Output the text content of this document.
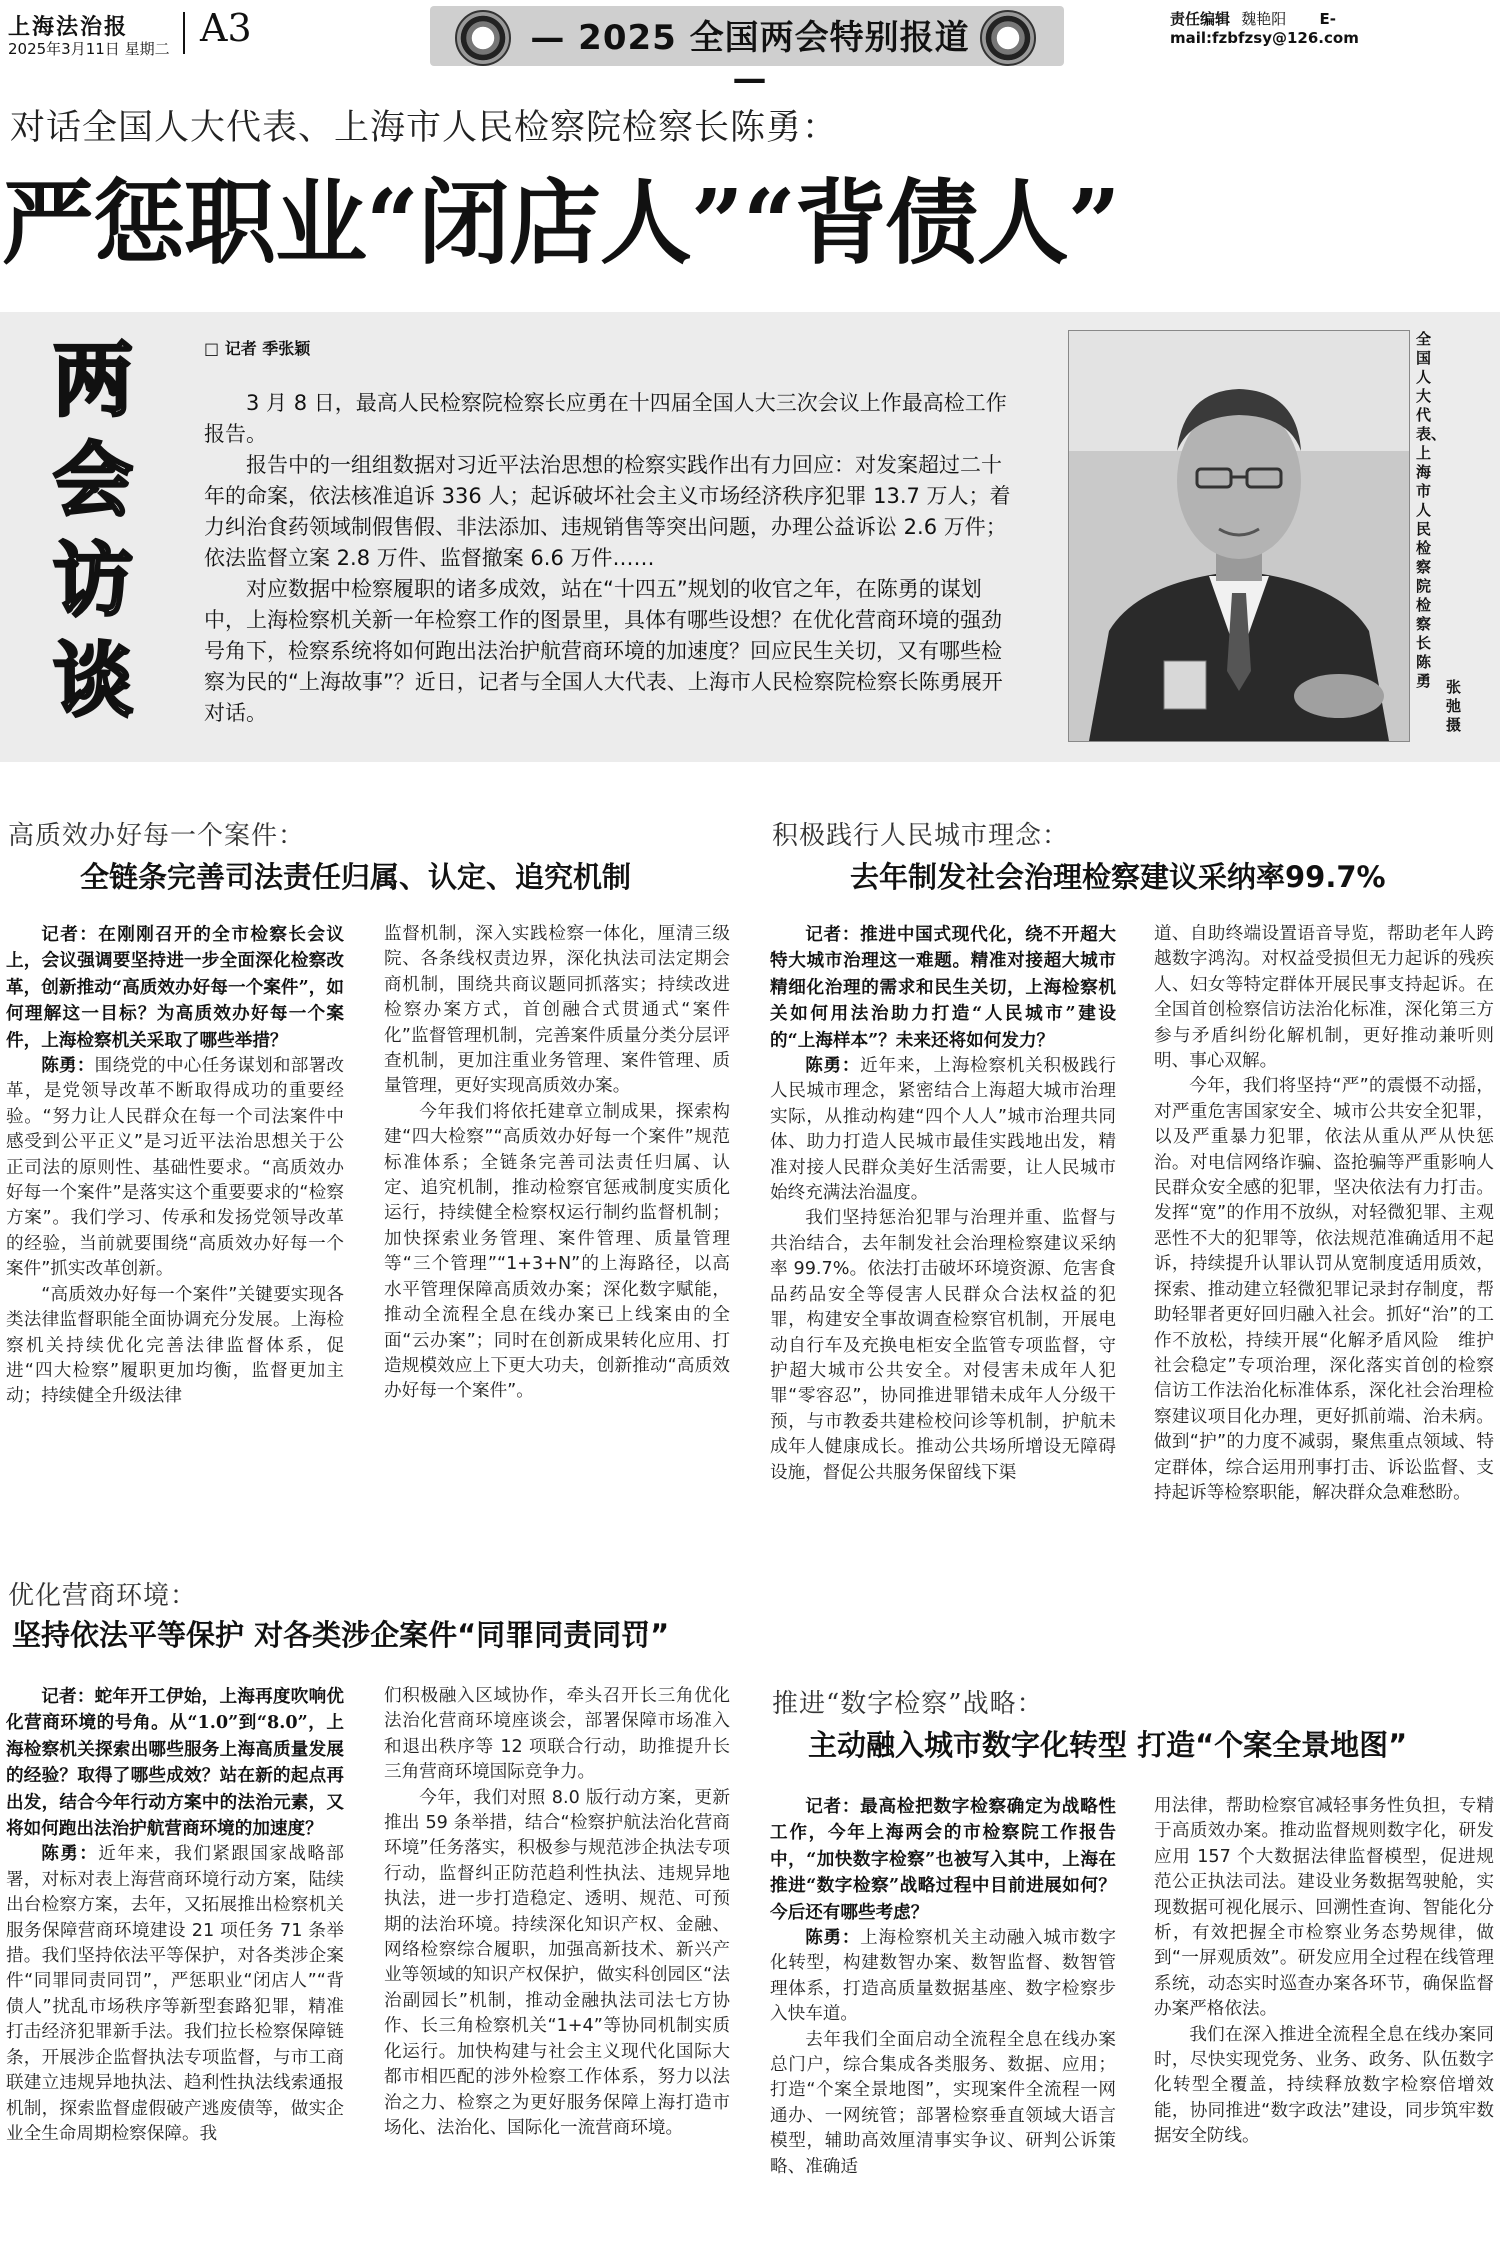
上海法治报
2025年3月11日 星期二 A3	— 2025 全国两会特别报道 —
责任编辑 魏艳阳 E-mail:fzbfzsy@126.com
对话全国人大代表、上海市人民检察院检察长陈勇：
严惩职业“闭店人”“背债人”
两
会
访
谈
□ 记者 季张颖

3 月 8 日，最高人民检察院检察长应勇在十四届全国人大三次会议上作最高检工作报告。

报告中的一组组数据对习近平法治思想的检察实践作出有力回应：对发案超过二十年的命案，依法核准追诉 336 人；起诉破坏社会主义市场经济秩序犯罪 13.7 万人；着力纠治食药领域制假售假、非法添加、违规销售等突出问题，办理公益诉讼 2.6 万件；依法监督立案 2.8 万件、监督撤案 6.6 万件……

对应数据中检察履职的诸多成效，站在“十四五”规划的收官之年，在陈勇的谋划中，上海检察机关新一年检察工作的图景里，具体有哪些设想？在优化营商环境的强劲号角下，检察系统将如何跑出法治护航营商环境的加速度？回应民生关切，又有哪些检察为民的“上海故事”？近日，记者与全国人大代表、上海市人民检察院检察长陈勇展开对话。

全国人大代表、上海市人民检察院检察长陈勇 张弛 摄
高质效办好每一个案件：
全链条完善司法责任归属、认定、追究机制

记者：在刚刚召开的全市检察长会议上，会议强调要坚持进一步全面深化检察改革，创新推动“高质效办好每一个案件”，如何理解这一目标？为高质效办好每一个案件，上海检察机关采取了哪些举措？

陈勇：围绕党的中心任务谋划和部署改革，是党领导改革不断取得成功的重要经验。“努力让人民群众在每一个司法案件中感受到公平正义”是习近平法治思想关于公正司法的原则性、基础性要求。“高质效办好每一个案件”是落实这个重要要求的“检察方案”。我们学习、传承和发扬党领导改革的经验，当前就要围绕“高质效办好每一个案件”抓实改革创新。

“高质效办好每一个案件”关键要实现各类法律监督职能全面协调充分发展。上海检察机关持续优化完善法律监督体系，促进“四大检察”履职更加均衡，监督更加主动；持续健全升级法律

监督机制，深入实践检察一体化，厘清三级院、各条线权责边界，深化执法司法定期会商机制，围绕共商议题同抓落实；持续改进检察办案方式，首创融合式贯通式“案件化”监督管理机制，完善案件质量分类分层评查机制，更加注重业务管理、案件管理、质量管理，更好实现高质效办案。

今年我们将依托建章立制成果，探索构建“四大检察”“高质效办好每一个案件”规范标准体系；全链条完善司法责任归属、认定、追究机制，推动检察官惩戒制度实质化运行，持续健全检察权运行制约监督机制；加快探索业务管理、案件管理、质量管理等“三个管理”“1+3+N”的上海路径，以高水平管理保障高质效办案；深化数字赋能，推动全流程全息在线办案已上线案由的全面“云办案”；同时在创新成果转化应用、打造规模效应上下更大功夫，创新推动“高质效办好每一个案件”。

积极践行人民城市理念：
去年制发社会治理检察建议采纳率99.7%

记者：推进中国式现代化，绕不开超大特大城市治理这一难题。精准对接超大城市精细化治理的需求和民生关切，上海检察机关如何用法治助力打造“人民城市”建设的“上海样本”？未来还将如何发力？

陈勇：近年来，上海检察机关积极践行人民城市理念，紧密结合上海超大城市治理实际，从推动构建“四个人人”城市治理共同体、助力打造人民城市最佳实践地出发，精准对接人民群众美好生活需要，让人民城市始终充满法治温度。

我们坚持惩治犯罪与治理并重、监督与共治结合，去年制发社会治理检察建议采纳率 99.7%。依法打击破坏环境资源、危害食品药品安全等侵害人民群众合法权益的犯罪，构建安全事故调查检察官机制，开展电动自行车及充换电柜安全监管专项监督，守护超大城市公共安全。对侵害未成年人犯罪“零容忍”，协同推进罪错未成年人分级干预，与市教委共建检校问诊等机制，护航未成年人健康成长。推动公共场所增设无障碍设施，督促公共服务保留线下渠

道、自助终端设置语音导览，帮助老年人跨越数字鸿沟。对权益受损但无力起诉的残疾人、妇女等特定群体开展民事支持起诉。在全国首创检察信访法治化标准，深化第三方参与矛盾纠纷化解机制，更好推动兼听则明、事心双解。

今年，我们将坚持“严”的震慑不动摇，对严重危害国家安全、城市公共安全犯罪，以及严重暴力犯罪，依法从重从严从快惩治。对电信网络诈骗、盗抢骗等严重影响人民群众安全感的犯罪，坚决依法有力打击。发挥“宽”的作用不放纵，对轻微犯罪、主观恶性不大的犯罪等，依法规范准确适用不起诉，持续提升认罪认罚从宽制度适用质效，探索、推动建立轻微犯罪记录封存制度，帮助轻罪者更好回归融入社会。抓好“治”的工作不放松，持续开展“化解矛盾风险　维护社会稳定”专项治理，深化落实首创的检察信访工作法治化标准体系，深化社会治理检察建议项目化办理，更好抓前端、治未病。做到“护”的力度不减弱，聚焦重点领域、特定群体，综合运用刑事打击、诉讼监督、支持起诉等检察职能，解决群众急难愁盼。

优化营商环境：
坚持依法平等保护 对各类涉企案件“同罪同责同罚”

记者：蛇年开工伊始，上海再度吹响优化营商环境的号角。从“1.0”到“8.0”，上海检察机关探索出哪些服务上海高质量发展的经验？取得了哪些成效？站在新的起点再出发，结合今年行动方案中的法治元素，又将如何跑出法治护航营商环境的加速度？

陈勇：近年来，我们紧跟国家战略部署，对标对表上海营商环境行动方案，陆续出台检察方案，去年，又拓展推出检察机关服务保障营商环境建设 21 项任务 71 条举措。我们坚持依法平等保护，对各类涉企案件“同罪同责同罚”，严惩职业“闭店人”“背债人”扰乱市场秩序等新型套路犯罪，精准打击经济犯罪新手法。我们拉长检察保障链条，开展涉企监督执法专项监督，与市工商联建立违规异地执法、趋利性执法线索通报机制，探索监督虚假破产逃废债等，做实企业全生命周期检察保障。我

们积极融入区域协作，牵头召开长三角优化法治化营商环境座谈会，部署保障市场准入和退出秩序等 12 项联合行动，助推提升长三角营商环境国际竞争力。

今年，我们对照 8.0 版行动方案，更新推出 59 条举措，结合“检察护航法治化营商环境”任务落实，积极参与规范涉企执法专项行动，监督纠正防范趋利性执法、违规异地执法，进一步打造稳定、透明、规范、可预期的法治环境。持续深化知识产权、金融、网络检察综合履职，加强高新技术、新兴产业等领域的知识产权保护，做实科创园区“法治副园长”机制，推动金融执法司法七方协作、长三角检察机关“1+4”等协同机制实质化运行。加快构建与社会主义现代化国际大都市相匹配的涉外检察工作体系，努力以法治之力、检察之为更好服务保障上海打造市场化、法治化、国际化一流营商环境。

推进“数字检察”战略：
主动融入城市数字化转型 打造“个案全景地图”

记者：最高检把数字检察确定为战略性工作，今年上海两会的市检察院工作报告中，“加快数字检察”也被写入其中，上海在推进“数字检察”战略过程中目前进展如何？今后还有哪些考虑？

陈勇：上海检察机关主动融入城市数字化转型，构建数智办案、数智监督、数智管理体系，打造高质量数据基座、数字检察步入快车道。

去年我们全面启动全流程全息在线办案总门户，综合集成各类服务、数据、应用；打造“个案全景地图”，实现案件全流程一网通办、一网统管；部署检察垂直领域大语言模型，辅助高效厘清事实争议、研判公诉策略、准确适

用法律，帮助检察官减轻事务性负担，专精于高质效办案。推动监督规则数字化，研发应用 157 个大数据法律监督模型，促进规范公正执法司法。建设业务数据驾驶舱，实现数据可视化展示、回溯性查询、智能化分析，有效把握全市检察业务态势规律，做到“一屏观质效”。研发应用全过程在线管理系统，动态实时巡查办案各环节，确保监督办案严格依法。

我们在深入推进全流程全息在线办案同时，尽快实现党务、业务、政务、队伍数字化转型全覆盖，持续释放数字检察倍增效能，协同推进“数字政法”建设，同步筑牢数据安全防线。
